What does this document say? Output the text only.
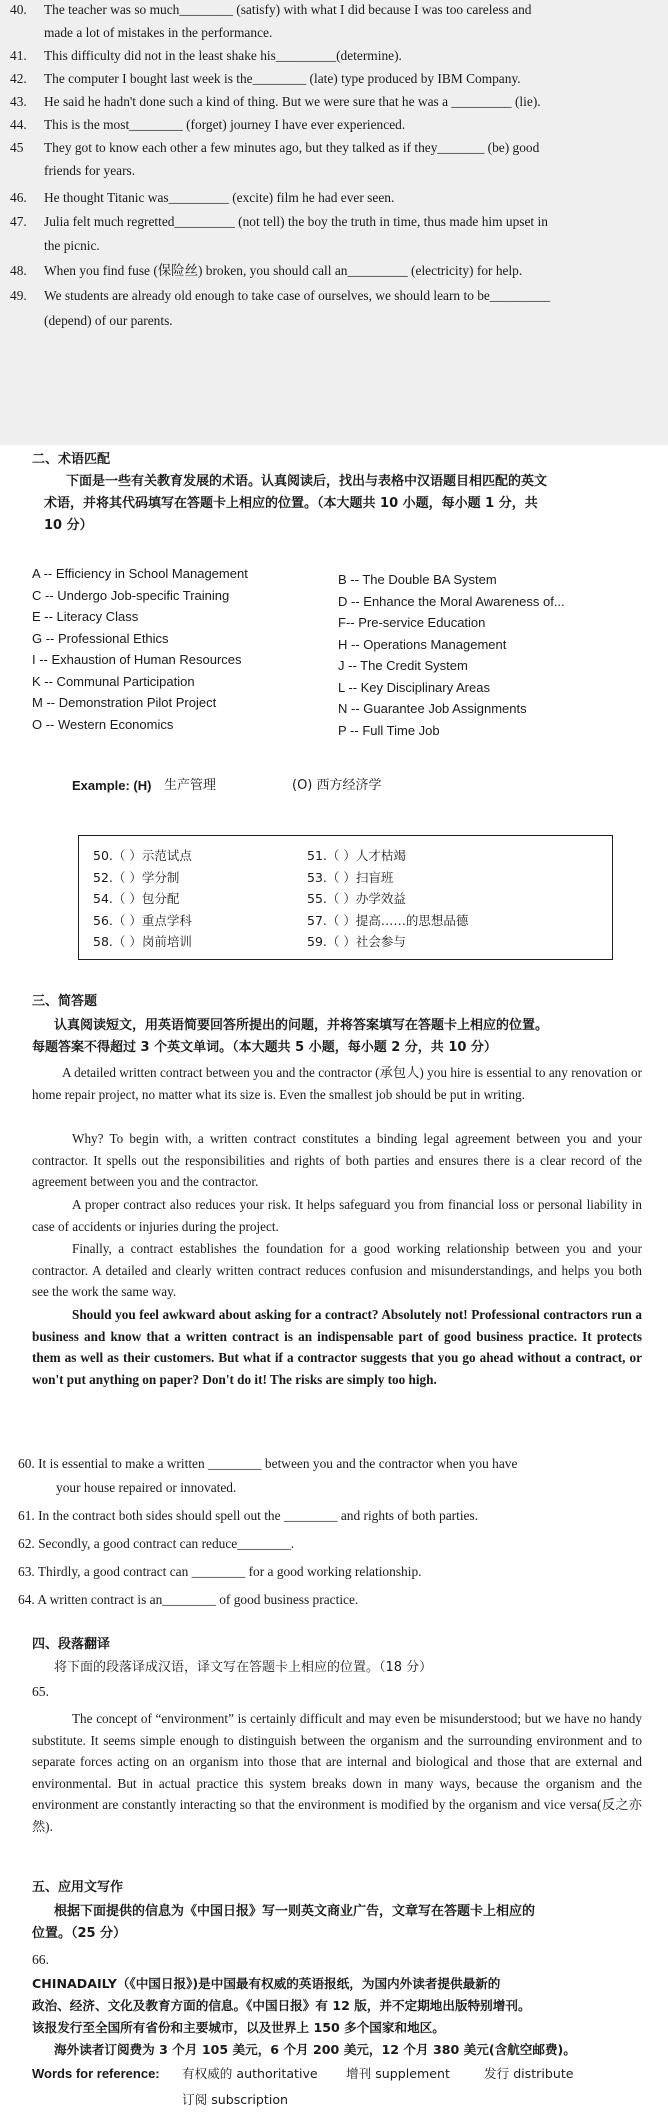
40. The teacher was so much________ (satisfy) with what I did because I was too careless and
made a lot of mistakes in the performance.
41. This difficulty did not in the least shake his_________(determine).
42. The computer I bought last week is the________ (late) type produced by IBM Company.
43. He said he hadn't done such a kind of thing. But we were sure that he was a _________ (lie).
44. This is the most________ (forget) journey I have ever experienced.
45 They got to know each other a few minutes ago, but they talked as if they_______ (be) good
friends for years.
46. He thought Titanic was_________ (excite) film he had ever seen.
47. Julia felt much regretted_________ (not tell) the boy the truth in time, thus made him upset in
the picnic.
48. When you find fuse (保险丝) broken, you should call an_________ (electricity) for help.
49. We students are already old enough to take case of ourselves, we should learn to be_________
(depend) of our parents.
二、术语匹配
下面是一些有关教育发展的术语。认真阅读后，找出与表格中汉语题目相匹配的英文
术语，并将其代码填写在答题卡上相应的位置。（本大题共 10 小题，每小题 1 分，共
10 分）
A -- Efficiency in School Management
C -- Undergo Job-specific Training
E -- Literacy Class
G -- Professional Ethics
I -- Exhaustion of Human Resources
K -- Communal Participation
M -- Demonstration Pilot Project
O -- Western Economics
B -- The Double BA System
D -- Enhance the Moral Awareness of...
F-- Pre-service Education
H -- Operations Management
J -- The Credit System
L -- Key Disciplinary Areas
N -- Guarantee Job Assignments
P -- Full Time Job
Example: (H) 生产管理	(O) 西方经济学
50.（ ）示范试点
52.（ ）学分制
54.（ ）包分配
56.（ ）重点学科
58.（ ）岗前培训
51.（ ）人才枯竭
53.（ ）扫盲班
55.（ ）办学效益
57.（ ）提高……的思想品德
59.（ ）社会参与
三、简答题
认真阅读短文，用英语简要回答所提出的问题，并将答案填写在答题卡上相应的位置。
每题答案不得超过 3 个英文单词。（本大题共 5 小题，每小题 2 分，共 10 分）
A detailed written contract between you and the contractor (承包人) you hire is essential to any renovation or home repair project, no matter what its size is. Even the smallest job should be put in writing.
Why? To begin with, a written contract constitutes a binding legal agreement between you and your contractor. It spells out the responsibilities and rights of both parties and ensures there is a clear record of the agreement between you and the contractor.
A proper contract also reduces your risk. It helps safeguard you from financial loss or personal liability in case of accidents or injuries during the project.
Finally, a contract establishes the foundation for a good working relationship between you and your contractor. A detailed and clearly written contract reduces confusion and misunderstandings, and helps you both see the work the same way.
Should you feel awkward about asking for a contract? Absolutely not! Professional contractors run a business and know that a written contract is an indispensable part of good business practice. It protects them as well as their customers. But what if a contractor suggests that you go ahead without a contract, or won't put anything on paper? Don't do it! The risks are simply too high.
60. It is essential to make a written ________ between you and the contractor when you have
your house repaired or innovated.
61. In the contract both sides should spell out the ________ and rights of both parties.
62. Secondly, a good contract can reduce________.
63. Thirdly, a good contract can ________ for a good working relationship.
64. A written contract is an________ of good business practice.
四、段落翻译
将下面的段落译成汉语，译文写在答题卡上相应的位置。（18 分）
65.
The concept of “environment” is certainly difficult and may even be misunderstood; but we have no handy substitute. It seems simple enough to distinguish between the organism and the surrounding environment and to separate forces acting on an organism into those that are internal and biological and those that are external and environmental. But in actual practice this system breaks down in many ways, because the organism and the environment are constantly interacting so that the environment is modified by the organism and vice versa(反之亦然).
五、应用文写作
根据下面提供的信息为《中国日报》写一则英文商业广告，文章写在答题卡上相应的
位置。（25 分）
66.
CHINADAILY（《中国日报》)是中国最有权威的英语报纸，为国内外读者提供最新的
政治、经济、文化及教育方面的信息。《中国日报》有 12 版，并不定期地出版特别增刊。
该报发行至全国所有省份和主要城市，以及世界上 150 多个国家和地区。
海外读者订阅费为 3 个月 105 美元，6 个月 200 美元，12 个月 380 美元(含航空邮费)。
Words for reference: 有权威的 authoritative 增刊 supplement	发行 distribute
订阅 subscription
